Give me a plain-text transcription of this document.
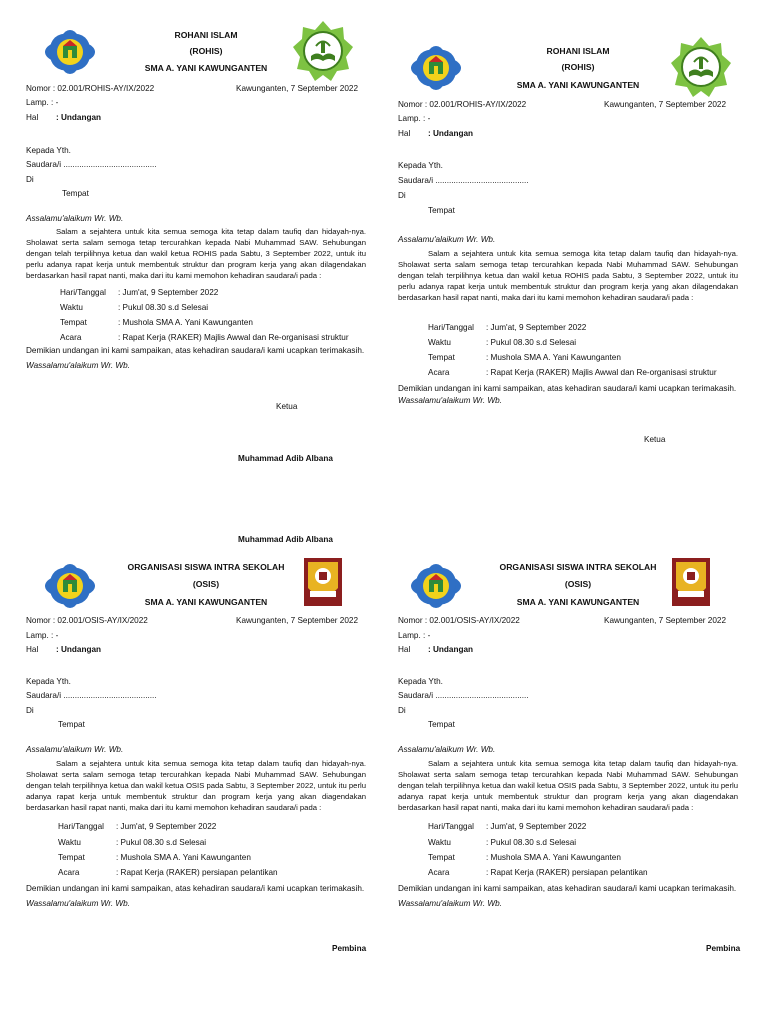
ROHANI ISLAM
(ROHIS)
SMA A. YANI KAWUNGANTEN
Nomor : 02.001/ROHIS-AY/IX/2022	Kawunganten, 7 September 2022
Lamp. : -
Hal : Undangan
Kepada Yth.
Saudara/i .........................................
Di
Tempat
Assalamu'alaikum Wr. Wb.
Salam a sejahtera untuk kita semua semoga kita tetap dalam taufiq dan hidayah-nya. Sholawat serta salam semoga tetap tercurahkan kepada Nabi Muhammad SAW. Sehubungan dengan telah terpilihnya ketua dan wakil ketua ROHIS pada Sabtu, 3 September 2022, untuk itu perlu adanya rapat kerja untuk membentuk struktur dan program kerja yang akan dilagendakan berdasarkan hasil rapat nanti, maka dari itu kami memohon kehadiran saudara/i pada :
Hari/Tanggal : Jum'at, 9 September 2022
Waktu	: Pukul 08.30 s.d Selesai
Tempat	: Mushola SMA A. Yani Kawunganten
Acara	: Rapat Kerja (RAKER) Majlis Awwal dan Re-organisasi struktur
Demikian undangan ini kami sampaikan, atas kehadiran saudara/i kami ucapkan terimakasih.
Wassalamu'alaikum Wr. Wb.
Ketua
Muhammad Adib Albana
ROHANI ISLAM
(ROHIS)
SMA A. YANI KAWUNGANTEN
Nomor : 02.001/ROHIS-AY/IX/2022	Kawunganten, 7 September 2022
Lamp. : -
Hal : Undangan
Kepada Yth.
Saudara/i .........................................
Di
Tempat
Assalamu'alaikum Wr. Wb.
Salam a sejahtera untuk kita semua semoga kita tetap dalam taufiq dan hidayah-nya. Sholawat serta salam semoga tetap tercurahkan kepada Nabi Muhammad SAW. Sehubungan dengan telah terpilihnya ketua dan wakil ketua ROHIS pada Sabtu, 3 September 2022, untuk itu perlu adanya rapat kerja untuk membentuk struktur dan program kerja yang akan dilagendakan berdasarkan hasil rapat nanti, maka dari itu kami memohon kehadiran saudara/i pada :
Hari/Tanggal : Jum'at, 9 September 2022
Waktu	: Pukul 08.30 s.d Selesai
Tempat	: Mushola SMA A. Yani Kawunganten
Acara	: Rapat Kerja (RAKER) Majlis Awwal dan Re-organisasi struktur
Demikian undangan ini kami sampaikan, atas kehadiran saudara/i kami ucapkan terimakasih.
Wassalamu'alaikum Wr. Wb.
Ketua
Muhammad Adib Albana
ORGANISASI SISWA INTRA SEKOLAH
(OSIS)
SMA A. YANI KAWUNGANTEN
Nomor : 02.001/OSIS-AY/IX/2022	Kawunganten, 7 September 2022
Lamp. : -
Hal : Undangan
Kepada Yth.
Saudara/i .........................................
Di
Tempat
Assalamu'alaikum Wr. Wb.
Salam a sejahtera untuk kita semua semoga kita tetap dalam taufiq dan hidayah-nya. Sholawat serta salam semoga tetap tercurahkan kepada Nabi Muhammad SAW. Sehubungan dengan telah terpilihnya ketua dan wakil ketua OSIS pada Sabtu, 3 September 2022, untuk itu perlu adanya rapat kerja untuk membentuk struktur dan program kerja yang akan diagendakan berdasarkan hasil rapat nanti, maka dari itu kami memohon kehadiran saudara/i pada :
Hari/Tanggal : Jum'at, 9 September 2022
Waktu	: Pukul 08.30 s.d Selesai
Tempat	: Mushola SMA A. Yani Kawunganten
Acara	: Rapat Kerja (RAKER) persiapan pelantikan
Demikian undangan ini kami sampaikan, atas kehadiran saudara/i kami ucapkan terimakasih.
Wassalamu'alaikum Wr. Wb.
Pembina
ORGANISASI SISWA INTRA SEKOLAH
(OSIS)
SMA A. YANI KAWUNGANTEN
Nomor : 02.001/OSIS-AY/IX/2022	Kawunganten, 7 September 2022
Lamp. : -
Hal : Undangan
Kepada Yth.
Saudara/i .........................................
Di
Tempat
Assalamu'alaikum Wr. Wb.
Salam a sejahtera untuk kita semua semoga kita tetap dalam taufiq dan hidayah-nya. Sholawat serta salam semoga tetap tercurahkan kepada Nabi Muhammad SAW. Sehubungan dengan telah terpilihnya ketua dan wakil ketua OSIS pada Sabtu, 3 September 2022, untuk itu perlu adanya rapat kerja untuk membentuk struktur dan program kerja yang akan diagendakan berdasarkan hasil rapat nanti, maka dari itu kami memohon kehadiran saudara/i pada :
Hari/Tanggal : Jum'at, 9 September 2022
Waktu	: Pukul 08.30 s.d Selesai
Tempat	: Mushola SMA A. Yani Kawunganten
Acara	: Rapat Kerja (RAKER) persiapan pelantikan
Demikian undangan ini kami sampaikan, atas kehadiran saudara/i kami ucapkan terimakasih.
Wassalamu'alaikum Wr. Wb.
Pembina
